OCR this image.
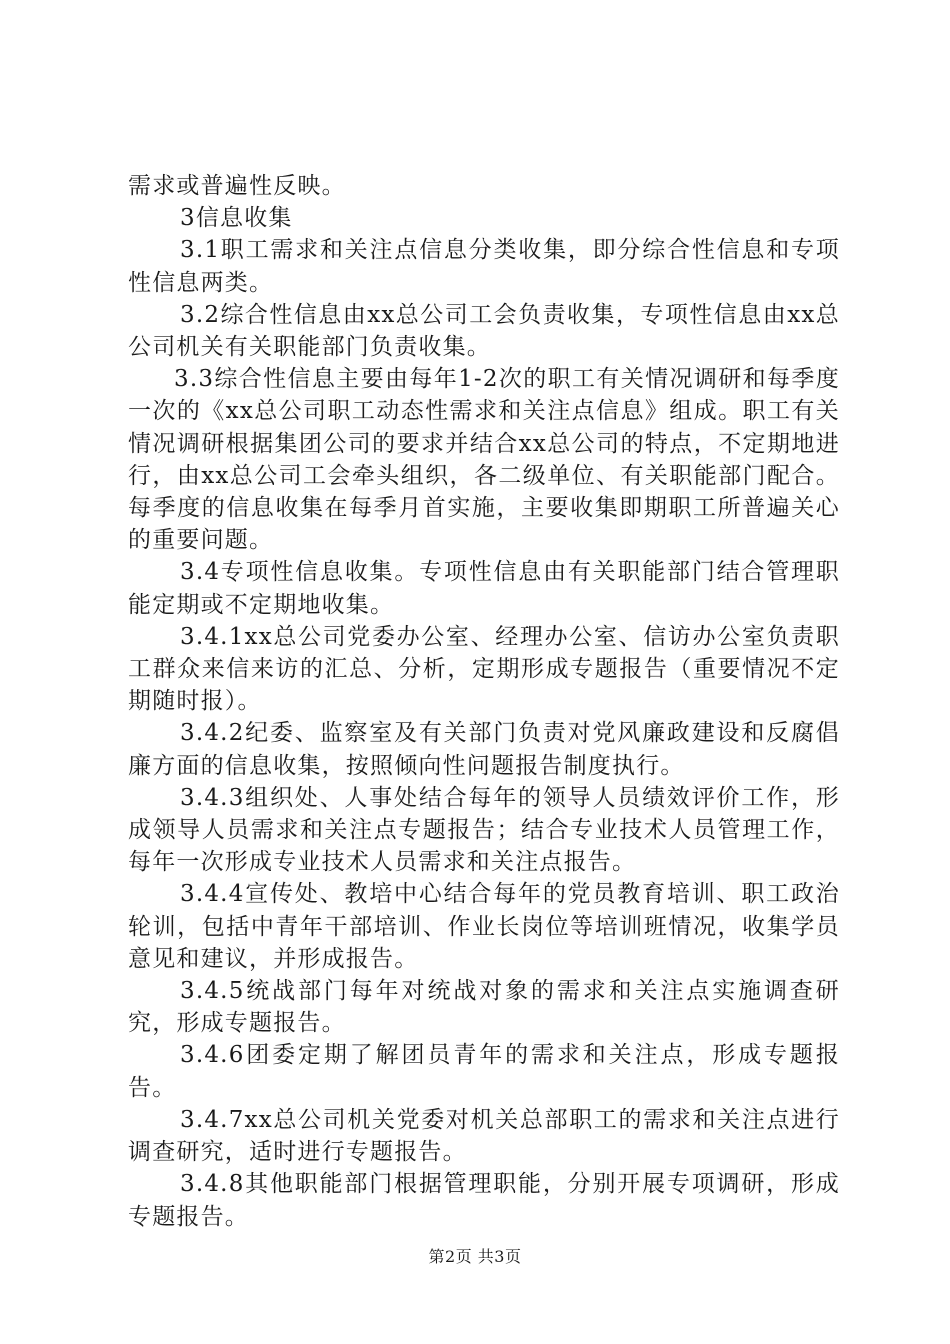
需求或普遍性反映。

3信息收集

3.1职工需求和关注点信息分类收集，即分综合性信息和专项性信息两类。

3.2综合性信息由xx总公司工会负责收集，专项性信息由xx总公司机关有关职能部门负责收集。

3.3综合性信息主要由每年1-2次的职工有关情况调研和每季度一次的《xx总公司职工动态性需求和关注点信息》组成。职工有关情况调研根据集团公司的要求并结合xx总公司的特点，不定期地进行，由xx总公司工会牵头组织，各二级单位、有关职能部门配合。每季度的信息收集在每季月首实施，主要收集即期职工所普遍关心的重要问题。

3.4专项性信息收集。专项性信息由有关职能部门结合管理职能定期或不定期地收集。

3.4.1xx总公司党委办公室、经理办公室、信访办公室负责职工群众来信来访的汇总、分析，定期形成专题报告（重要情况不定期随时报）。

3.4.2纪委、监察室及有关部门负责对党风廉政建设和反腐倡廉方面的信息收集，按照倾向性问题报告制度执行。

3.4.3组织处、人事处结合每年的领导人员绩效评价工作，形成领导人员需求和关注点专题报告；结合专业技术人员管理工作，每年一次形成专业技术人员需求和关注点报告。

3.4.4宣传处、教培中心结合每年的党员教育培训、职工政治轮训，包括中青年干部培训、作业长岗位等培训班情况，收集学员意见和建议，并形成报告。

3.4.5统战部门每年对统战对象的需求和关注点实施调查研究，形成专题报告。

3.4.6团委定期了解团员青年的需求和关注点，形成专题报告。

3.4.7xx总公司机关党委对机关总部职工的需求和关注点进行调查研究，适时进行专题报告。

3.4.8其他职能部门根据管理职能，分别开展专项调研，形成专题报告。

第2页 共3页
